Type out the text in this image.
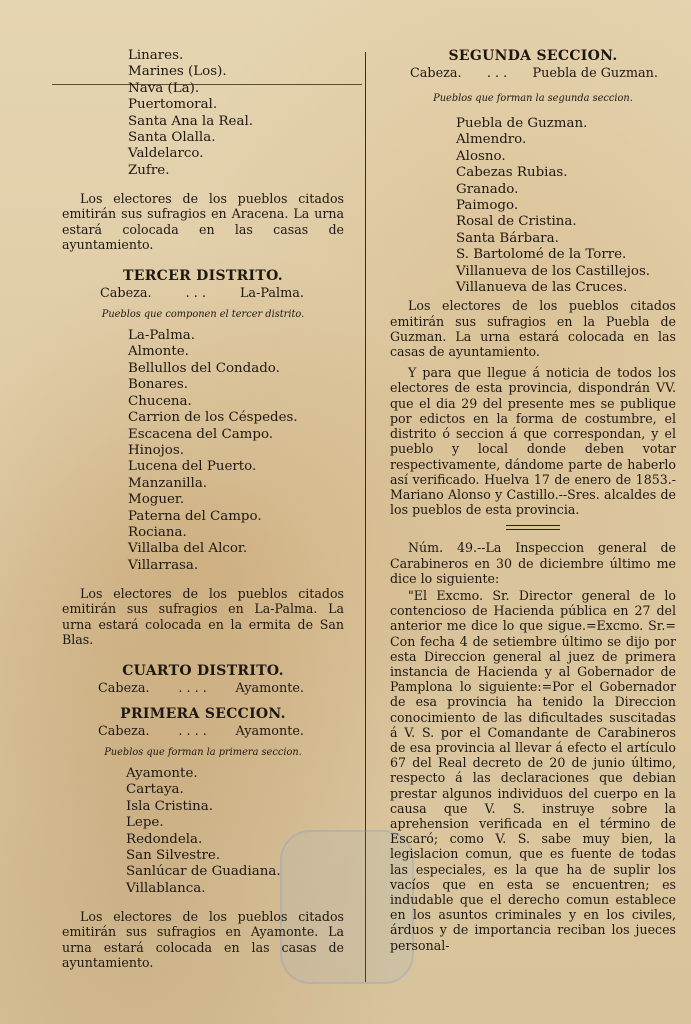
Linares.
Marines (Los).
Nava (La).
Puertomoral.
Santa Ana la Real.
Santa Olalla.
Valdelarco.
Zufre.

Los electores de los pueblos citados emitirán sus sufragios en Aracena. La urna estará colocada en las casas de ayuntamiento.

TERCER DISTRITO.

Cabeza.	. . .	La-Palma.

Pueblos que componen el tercer distrito.

La-Palma.
Almonte.
Bellullos del Condado.
Bonares.
Chucena.
Carrion de los Céspedes.
Escacena del Campo.
Hinojos.
Lucena del Puerto.
Manzanilla.
Moguer.
Paterna del Campo.
Rociana.
Villalba del Alcor.
Villarrasa.

Los electores de los pueblos citados emitirán sus sufragios en La-Palma. La urna estará colocada en la ermita de San Blas.

CUARTO DISTRITO.

Cabeza. . . . . Ayamonte.

PRIMERA SECCION.

Cabeza. . . . . Ayamonte.

Pueblos que forman la primera seccion.

Ayamonte.
Cartaya.
Isla Cristina.
Lepe.
Redondela.
San Silvestre.
Sanlúcar de Guadiana.
Villablanca.

Los electores de los pueblos citados emitirán sus sufragios en Ayamonte. La urna estará colocada en las casas de ayuntamiento.

SEGUNDA SECCION.

Cabeza. . . . Puebla de Guzman.

Pueblos que forman la segunda seccion.

Puebla de Guzman.
Almendro.
Alosno.
Cabezas Rubias.
Granado.
Paimogo.
Rosal de Cristina.
Santa Bárbara.
S. Bartolomé de la Torre.
Villanueva de los Castillejos.
Villanueva de las Cruces.

Los electores de los pueblos citados emitirán sus sufragios en la Puebla de Guzman. La urna estará colocada en las casas de ayuntamiento.

Y para que llegue á noticia de todos los electores de esta provincia, dispondrán VV. que el dia 29 del presente mes se publique por edictos en la forma de costumbre, el distrito ó seccion á que correspondan, y el pueblo y local donde deben votar respectivamente, dándome parte de haberlo así verificado. Huelva 17 de enero de 1853.- Mariano Alonso y Castillo.--Sres. alcaldes de los pueblos de esta provincia.

Núm. 49.--La Inspeccion general de Carabineros en 30 de diciembre último me dice lo siguiente:

"El Excmo. Sr. Director general de lo contencioso de Hacienda pública en 27 del anterior me dice lo que sigue.=Excmo. Sr.= Con fecha 4 de setiembre último se dijo por esta Direccion general al juez de primera instancia de Hacienda y al Gobernador de Pamplona lo siguiente:=Por el Gobernador de esa provincia ha tenido la Direccion conocimiento de las dificultades suscitadas á V. S. por el Comandante de Carabineros de esa provincia al llevar á efecto el artículo 67 del Real decreto de 20 de junio último, respecto á las declaraciones que debian prestar algunos individuos del cuerpo en la causa que V. S. instruye sobre la aprehension verificada en el término de Escaró; como V. S. sabe muy bien, la legislacion comun, que es fuente de todas las especiales, es la que ha de suplir los vacíos que en esta se encuentren; es indudable que el derecho comun establece en los asuntos criminales y en los civiles, árduos y de importancia reciban los jueces personal-
